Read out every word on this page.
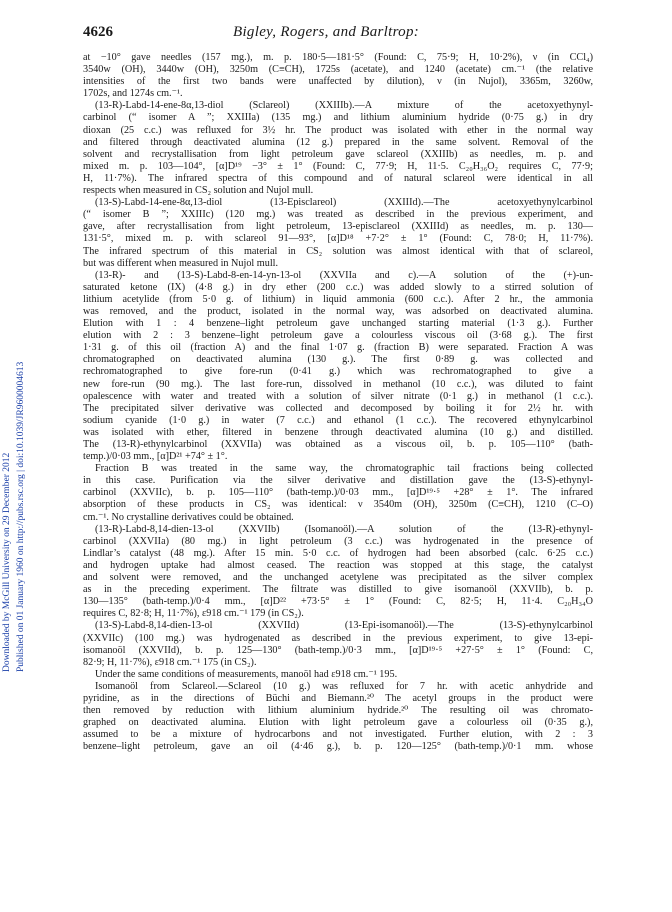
4626	Bigley, Rogers, and Barltrop:
Downloaded by McGill University on 29 December 2012 Published on 01 January 1960 on http://pubs.rsc.org | doi:10.1039/JR9600004613
at −10° gave needles (157 mg.), m. p. 180·5—181·5° (Found: C, 75·9; H, 10·2%), ν (in CCl₄)
3540w (OH), 3440w (OH), 3250m (C≡CH), 1725s (acetate), and 1240 (acetate) cm.⁻¹ (the relative
intensities of the first two bands were unaffected by dilution), ν (in Nujol), 3365m, 3260w,
1702s, and 1274s cm.⁻¹.
(13-R)-Labd-14-ene-8α,13-diol (Sclareol) (XXIIIb).—A mixture of the acetoxyethynyl-
carbinol (“ isomer A ”; XXIIIa) (135 mg.) and lithium aluminium hydride (0·75 g.) in dry
dioxan (25 c.c.) was refluxed for 3½ hr. The product was isolated with ether in the normal way
and filtered through deactivated alumina (12 g.) prepared in the same solvent. Removal of the
solvent and recrystallisation from light petroleum gave sclareol (XXIIIb) as needles, m. p. and
mixed m. p. 103—104°, [α]D¹⁹ −3° ± 1° (Found: C, 77·9; H, 11·5. C₂₀H₃₆O₂ requires C, 77·9;
H, 11·7%). The infrared spectra of this compound and of natural sclareol were identical in all
respects when measured in CS₂ solution and Nujol mull.
(13-S)-Labd-14-ene-8α,13-diol (13-Episclareol) (XXIIId).—The acetoxyethynylcarbinol
(“ isomer B ”; XXIIIc) (120 mg.) was treated as described in the previous experiment, and
gave, after recrystallisation from light petroleum, 13-episclareol (XXIIId) as needles, m. p. 130—
131·5°, mixed m. p. with sclareol 91—93°, [α]D¹⁸ +7·2° ± 1° (Found: C, 78·0; H, 11·7%).
The infrared spectrum of this material in CS₂ solution was almost identical with that of sclareol,
but was different when measured in Nujol mull.
(13-R)- and (13-S)-Labd-8-en-14-yn-13-ol (XXVIIa and c).—A solution of the (+)-un-
saturated ketone (IX) (4·8 g.) in dry ether (200 c.c.) was added slowly to a stirred solution of
lithium acetylide (from 5·0 g. of lithium) in liquid ammonia (600 c.c.). After 2 hr., the ammonia
was removed, and the product, isolated in the normal way, was adsorbed on deactivated alumina.
Elution with 1 : 4 benzene–light petroleum gave unchanged starting material (1·3 g.). Further
elution with 2 : 3 benzene–light petroleum gave a colourless viscous oil (3·68 g.). The first
1·31 g. of this oil (fraction A) and the final 1·07 g. (fraction B) were separated. Fraction A was
chromatographed on deactivated alumina (130 g.). The first 0·89 g. was collected and
rechromatographed to give fore-run (0·41 g.) which was rechromatographed to give a
new fore-run (90 mg.). The last fore-run, dissolved in methanol (10 c.c.), was diluted to faint
opalescence with water and treated with a solution of silver nitrate (0·1 g.) in methanol (1 c.c.).
The precipitated silver derivative was collected and decomposed by boiling it for 2½ hr. with
sodium cyanide (1·0 g.) in water (7 c.c.) and ethanol (1 c.c.). The recovered ethynylcarbinol
was isolated with ether, filtered in benzene through deactivated alumina (10 g.) and distilled.
The (13-R)-ethynylcarbinol (XXVIIa) was obtained as a viscous oil, b. p. 105—110° (bath-
temp.)/0·03 mm., [α]D²¹ +74° ± 1°.
Fraction B was treated in the same way, the chromatographic tail fractions being collected
in this case. Purification via the silver derivative and distillation gave the (13-S)-ethynyl-
carbinol (XXVIIc), b. p. 105—110° (bath-temp.)/0·03 mm., [α]D¹⁹·⁵ +28° ± 1°. The infrared
absorption of these products in CS₂ was identical: ν 3540m (OH), 3250m (C≡CH), 1210 (C–O)
cm.⁻¹. No crystalline derivatives could be obtained.
(13-R)-Labd-8,14-dien-13-ol (XXVIIb) (Isomanoöl).—A solution of the (13-R)-ethynyl-
carbinol (XXVIIa) (80 mg.) in light petroleum (3 c.c.) was hydrogenated in the presence of
Lindlar’s catalyst (48 mg.). After 15 min. 5·0 c.c. of hydrogen had been absorbed (calc. 6·25 c.c.)
and hydrogen uptake had almost ceased. The reaction was stopped at this stage, the catalyst
and solvent were removed, and the unchanged acetylene was precipitated as the silver complex
as in the preceding experiment. The filtrate was distilled to give isomanoöl (XXVIIb), b. p.
130—135° (bath-temp.)/0·4 mm., [α]D²² +73·5° ± 1° (Found: C, 82·5; H, 11·4. C₂₀H₃₄O
requires C, 82·8; H, 11·7%), ε918 cm.⁻¹ 179 (in CS₂).
(13-S)-Labd-8,14-dien-13-ol (XXVIId) (13-Epi-isomanoöl).—The (13-S)-ethynylcarbinol
(XXVIIc) (100 mg.) was hydrogenated as described in the previous experiment, to give 13-epi-
isomanoöl (XXVIId), b. p. 125—130° (bath-temp.)/0·3 mm., [α]D¹⁹·⁵ +27·5° ± 1° (Found: C,
82·9; H, 11·7%), ε918 cm.⁻¹ 175 (in CS₂).
Under the same conditions of measurements, manoöl had ε918 cm.⁻¹ 195.
Isomanoöl from Sclareol.—Sclareol (10 g.) was refluxed for 7 hr. with acetic anhydride and
pyridine, as in the directions of Büchi and Biemann.²⁰ The acetyl groups in the product were
then removed by reduction with lithium aluminium hydride.²⁰ The resulting oil was chromato-
graphed on deactivated alumina. Elution with light petroleum gave a colourless oil (0·35 g.),
assumed to be a mixture of hydrocarbons and not investigated. Further elution, with 2 : 3
benzene–light petroleum, gave an oil (4·46 g.), b. p. 120—125° (bath-temp.)/0·1 mm. whose
